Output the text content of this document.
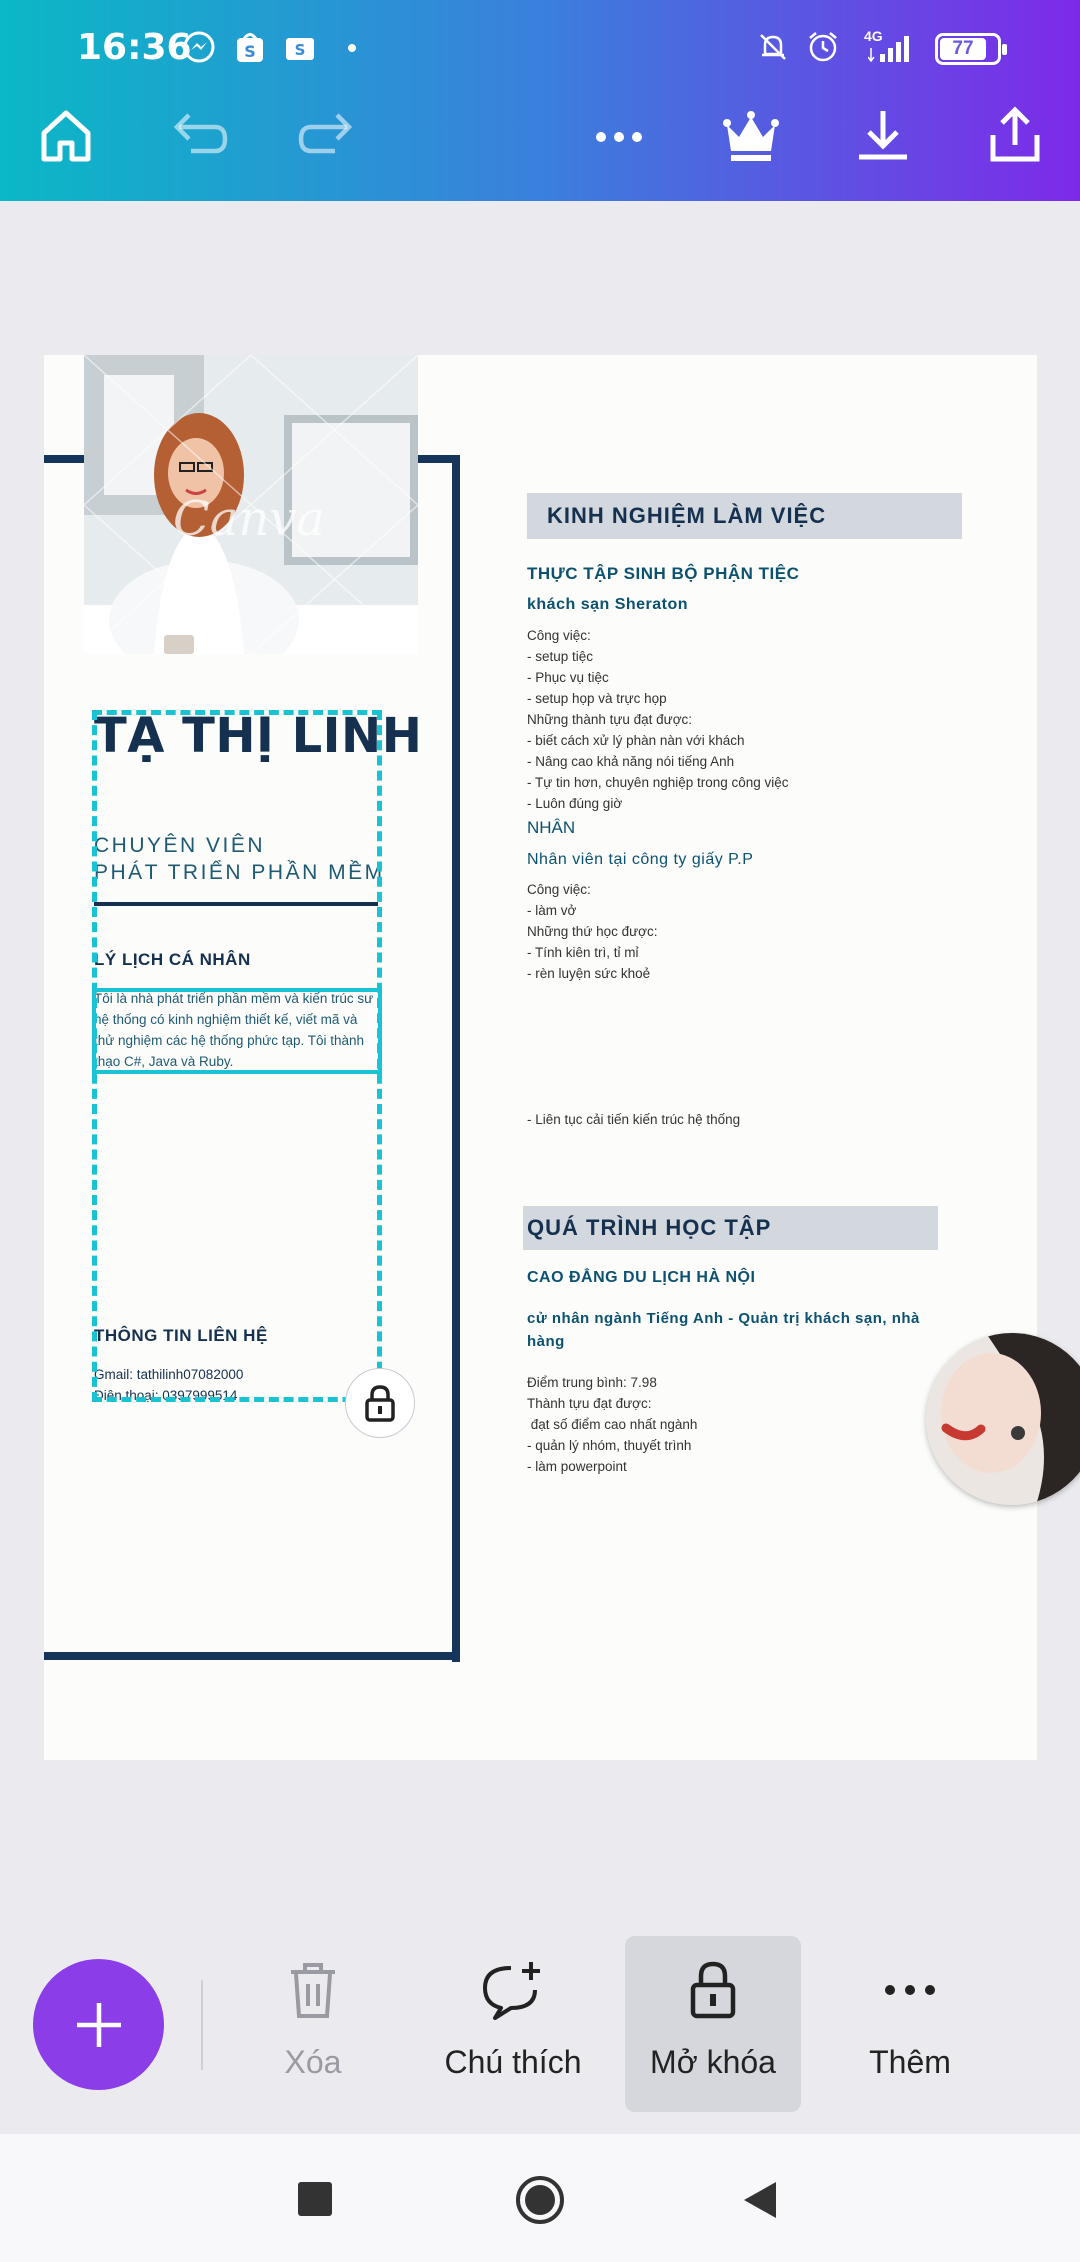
16:36	S	S
4G
77
Canva
TẠ THỊ LINH
CHUYÊN VIÊN
PHÁT TRIỂN PHẦN MỀM
LÝ LỊCH CÁ NHÂN
Tôi là nhà phát triển phần mềm và kiến trúc sư hệ thống có kinh nghiệm thiết kế, viết mã và thử nghiệm các hệ thống phức tạp. Tôi thành thạo C#, Java và Ruby.
THÔNG TIN LIÊN HỆ
Gmail: tathilinh07082000
Điện thoại: 0397999514
KINH NGHIỆM LÀM VIỆC
THỰC TẬP SINH BỘ PHẬN TIỆC
khách sạn Sheraton
Công việc:
- setup tiệc
- Phục vụ tiệc
- setup họp và trực họp
Những thành tựu đạt được:
- biết cách xử lý phàn nàn với khách
- Nâng cao khả năng nói tiếng Anh
- Tự tin hơn, chuyên nghiệp trong công việc
- Luôn đúng giờ
NHÂN
Nhân viên tại công ty giấy P.P
Công việc:
- làm vở
Những thứ học được:
- Tính kiên trì, tỉ mỉ
- rèn luyện sức khoẻ
- Liên tục cải tiến kiến trúc hệ thống
QUÁ TRÌNH HỌC TẬP
CAO ĐẲNG DU LỊCH HÀ NỘI
cử nhân ngành Tiếng Anh - Quản trị khách sạn, nhà
hàng
Điểm trung bình: 7.98
Thành tựu đạt được:
đạt số điểm cao nhất ngành
- quản lý nhóm, thuyết trình
- làm powerpoint
Xóa	Chú thích Mở khóa	Thêm
